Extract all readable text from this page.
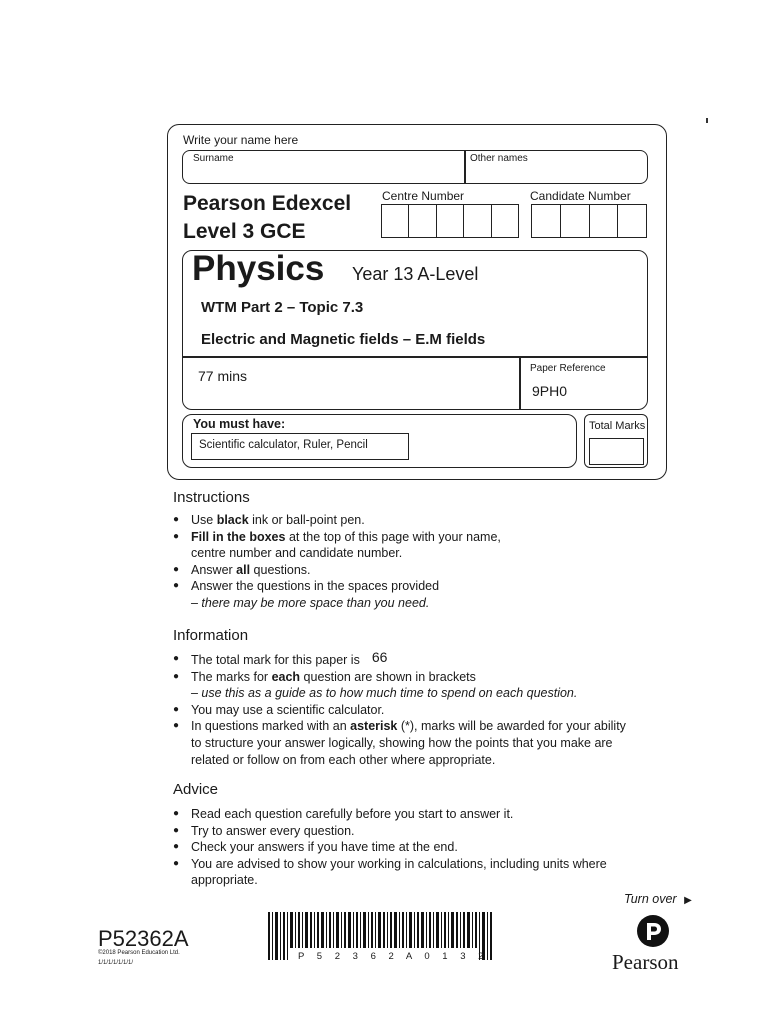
Write your name here
Surname	Other names
Pearson Edexcel
Level 3 GCE
Centre Number	Candidate Number
Physics Year 13 A-Level
WTM Part 2 – Topic 7.3
Electric and Magnetic fields – E.M fields
77 mins	Paper Reference
9PH0
You must have:
Scientific calculator, Ruler, Pencil
Total Marks
Instructions
● Use black ink or ball-point pen.
● Fill in the boxes at the top of this page with your name,
centre number and candidate number.
● Answer all questions.
● Answer the questions in the spaces provided
– there may be more space than you need.
Information
● The total mark for this paper is 66
● The marks for each question are shown in brackets
– use this as a guide as to how much time to spend on each question.
● You may use a scientific calculator.
● In questions marked with an asterisk (*), marks will be awarded for your ability
to structure your answer logically, showing how the points that you make are
related or follow on from each other where appropriate.
Advice
● Read each question carefully before you start to answer it.
● Try to answer every question.
● Check your answers if you have time at the end.
● You are advised to show your working in calculations, including units where
appropriate.
Turn over ▶
P52362A
©2018 Pearson Education Ltd.
1/1/1/1/1/1/1/
P 5 2 3 6 2 A 0 1 3 2	Pearson
